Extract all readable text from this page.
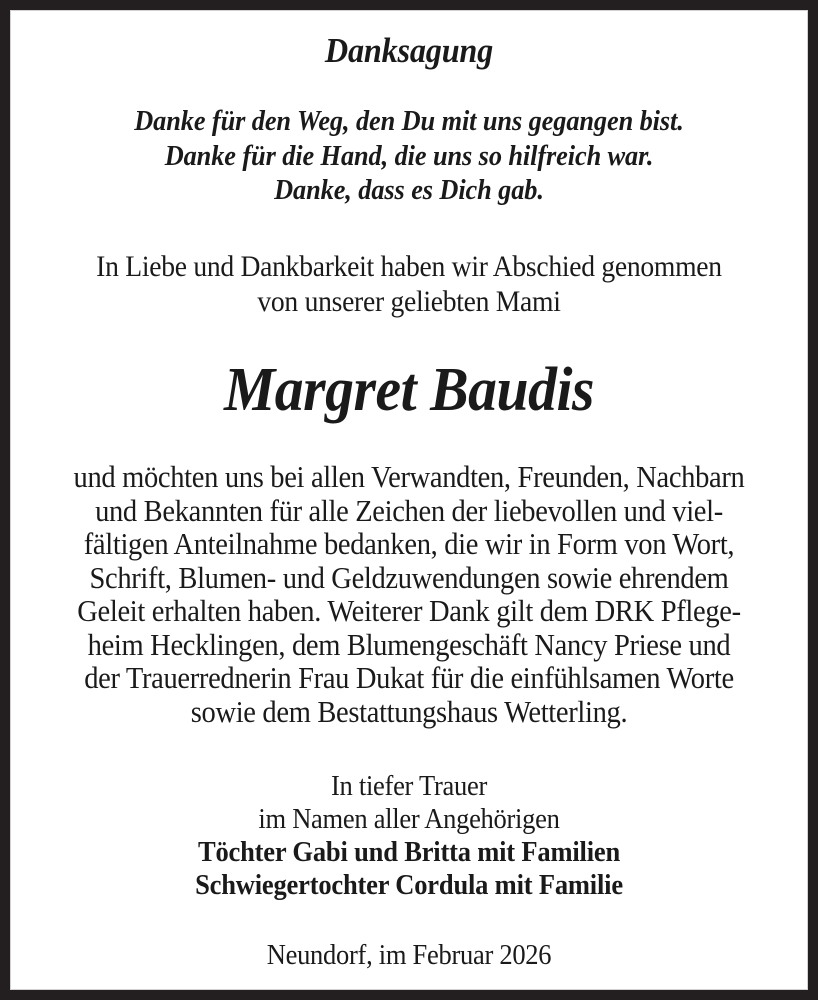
Danksagung
Danke für den Weg, den Du mit uns gegangen bist.
Danke für die Hand, die uns so hilfreich war.
Danke, dass es Dich gab.
In Liebe und Dankbarkeit haben wir Abschied genommen
von unserer geliebten Mami
Margret Baudis
und möchten uns bei allen Verwandten, Freunden, Nachbarn
und Bekannten für alle Zeichen der liebevollen und viel-
fältigen Anteilnahme bedanken, die wir in Form von Wort,
Schrift, Blumen- und Geldzuwendungen sowie ehrendem
Geleit erhalten haben. Weiterer Dank gilt dem DRK Pflege-
heim Hecklingen, dem Blumengeschäft Nancy Priese und
der Trauerrednerin Frau Dukat für die einfühlsamen Worte
sowie dem Bestattungshaus Wetterling.
In tiefer Trauer
im Namen aller Angehörigen
Töchter Gabi und Britta mit Familien
Schwiegertochter Cordula mit Familie
Neundorf, im Februar 2026
